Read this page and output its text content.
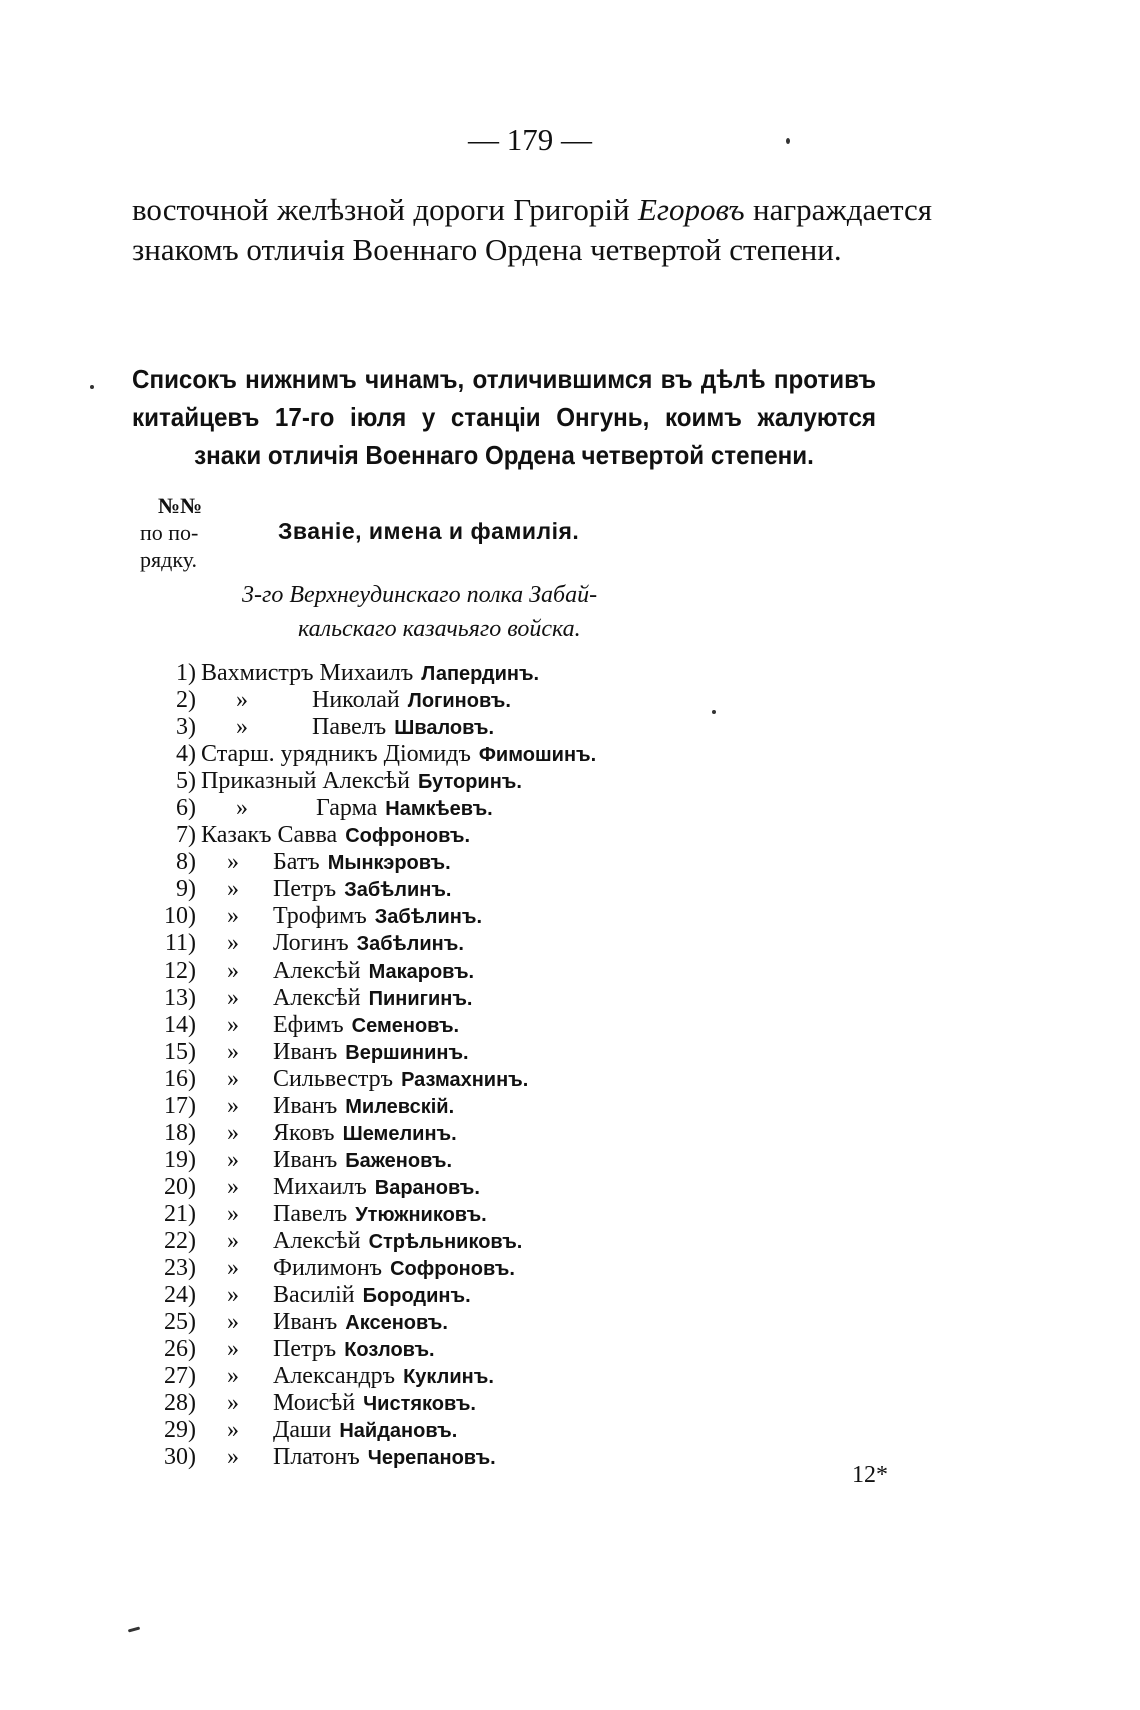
— 179 —

восточной желѣзной дороги Григорій Егоровъ награждается знакомъ отличія Военнаго Ордена четвертой степени.

Списокъ нижнимъ чинамъ, отличившимся въ дѣлѣ противъ
китайцевъ 17-го іюля у станціи Онгунь, коимъ жалуются
знаки отличія Военнаго Ордена четвертой степени.
№№
по по-
рядку.
Званіе, имена и фамилія.
3-го Верхнеудинскаго полка Забай-
кальскаго казачьяго войска.
1) Вахмистръ Михаилъ Лапердинъ.
2) »	Николай Логиновъ.
3) »	Павелъ Шваловъ.
4) Старш. урядникъ Діомидъ Фимошинъ.
5) Приказный Алексѣй Буторинъ.
6) »	Гарма Намкѣевъ.
7) Казакъ Савва Софроновъ.
8) » Батъ Мынкэровъ.
9) » Петръ Забѣлинъ.
10) » Трофимъ Забѣлинъ.
11) » Логинъ Забѣлинъ.
12) » Алексѣй Макаровъ.
13) » Алексѣй Пинигинъ.
14) » Ефимъ Семеновъ.
15) » Иванъ Вершининъ.
16) » Сильвестръ Размахнинъ.
17) » Иванъ Милевскій.
18) » Яковъ Шемелинъ.
19) » Иванъ Баженовъ.
20) » Михаилъ Варановъ.
21) » Павелъ Утюжниковъ.
22) » Алексѣй Стрѣльниковъ.
23) » Филимонъ Софроновъ.
24) » Василій Бородинъ.
25) » Иванъ Аксеновъ.
26) » Петръ Козловъ.
27) » Александръ Куклинъ.
28) » Моисѣй Чистяковъ.
29) » Даши Найдановъ.
30) » Платонъ Черепановъ.
12*
